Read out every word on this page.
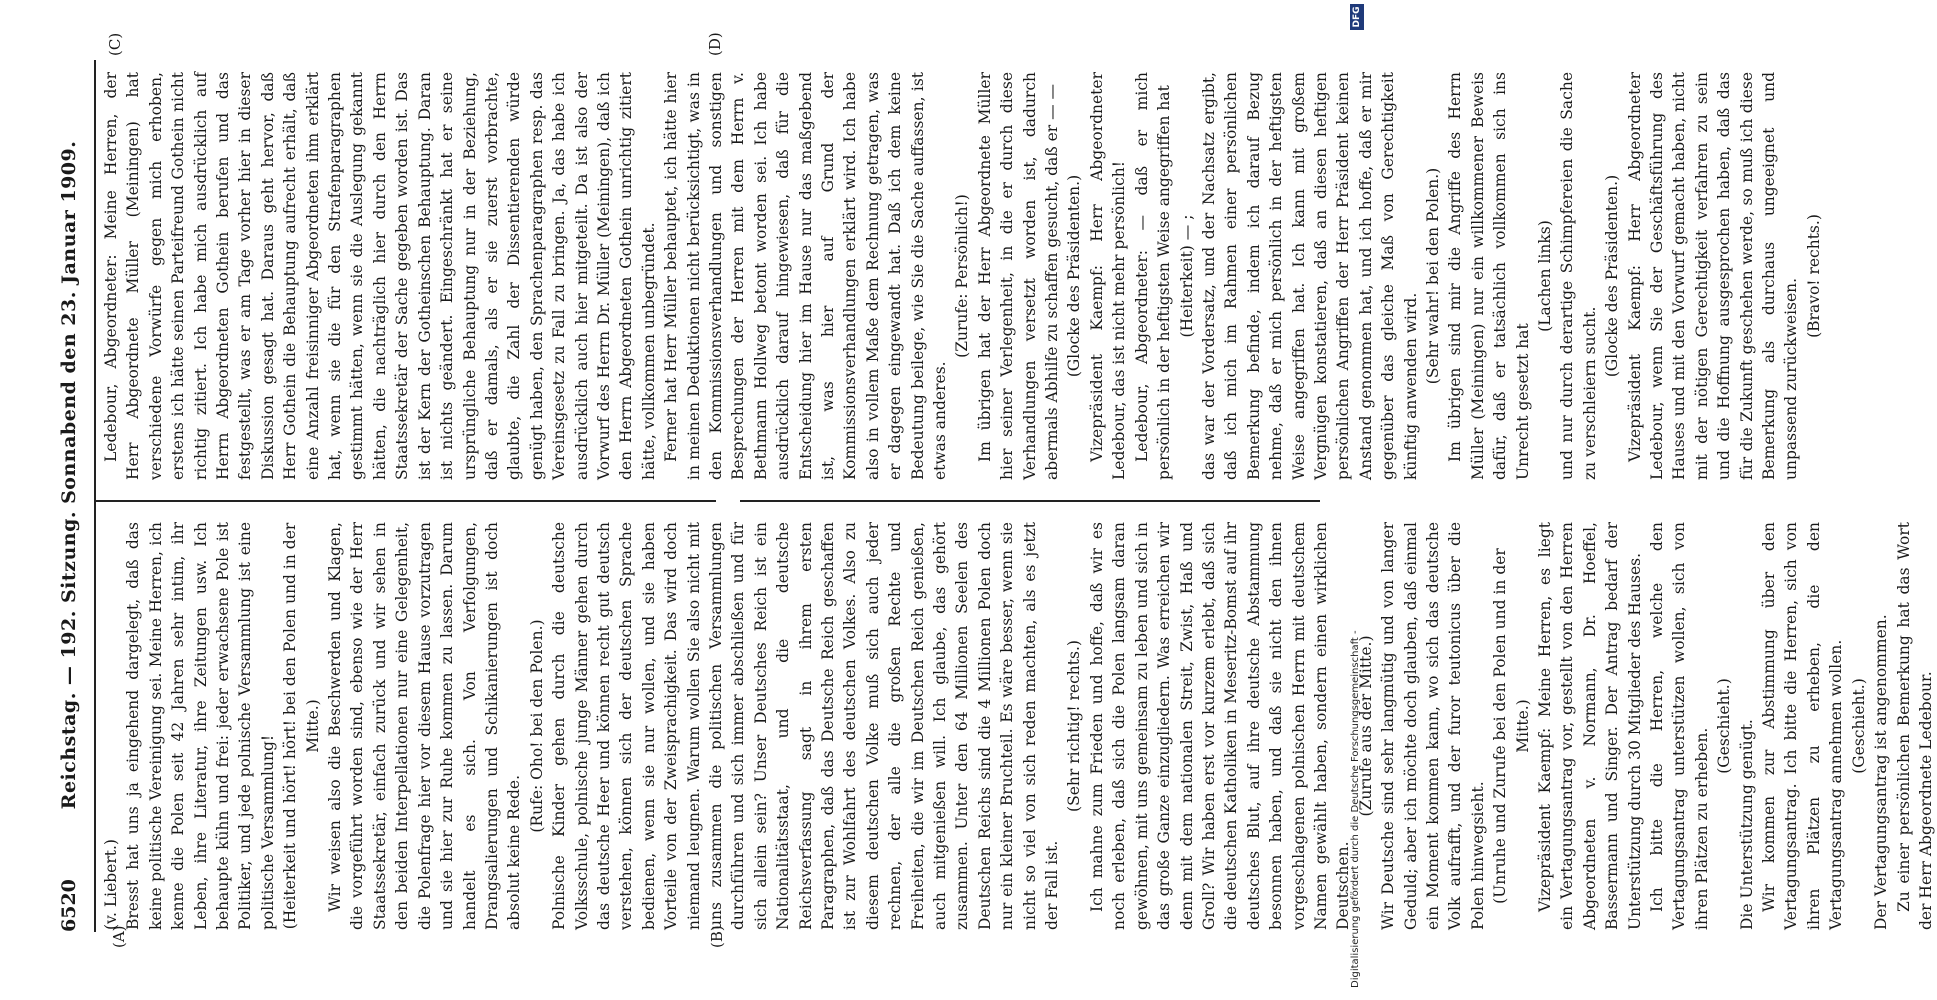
6520
Reichstag. — 192. Sitzung. Sonnabend den 23. Januar 1909.
(A)	(B)
(C)	(D)

(v. Liebert.) Bresst hat uns ja eingehend dargelegt, daß das keine politische Vereinigung sei. Meine Herren, ich kenne die Polen seit 42 Jahren sehr intim, ihr Leben, ihre Literatur, ihre Zeitungen usw. Ich behaupte kühn und frei: jeder erwachsene Pole ist Politiker, und jede polnische Versammlung ist eine politische Versammlung! (Heiterkeit und hört! hört! bei den Polen und in der Mitte.) Wir weisen also die Beschwerden und Klagen, die vorgeführt worden sind, ebenso wie der Herr Staatssekretär, einfach zurück und wir sehen in den beiden Interpellationen nur eine Gelegenheit, die Polenfrage hier vor diesem Hause vorzutragen und sie hier zur Ruhe kommen zu lassen. Darum handelt es sich. Von Verfolgungen, Drangsalierungen und Schikanierungen ist doch absolut keine Rede.

(Rufe: Oho! bei den Polen.) Polnische Kinder gehen durch die deutsche Volksschule, polnische junge Männer gehen durch das deutsche Heer und können recht gut deutsch verstehen, können sich der deutschen Sprache bedienen, wenn sie nur wollen, und sie haben Vorteile von der Zweisprachigkeit. Das wird doch niemand leugnen. Warum wollen Sie also nicht mit uns zusammen die politischen Versammlungen durchführen und sich immer abschließen und für sich allein sein? Unser Deutsches Reich ist ein Nationalitätsstaat, und die deutsche Reichsverfassung sagt in ihrem ersten Paragraphen, daß das Deutsche Reich geschaffen ist zur Wohlfahrt des deutschen Volkes. Also zu diesem deutschen Volke muß sich auch jeder rechnen, der alle die großen Rechte und Freiheiten, die wir im Deutschen Reich genießen, auch mitgenießen will. Ich glaube, das gehört zusammen. Unter den 64 Millionen Seelen des Deutschen Reichs sind die 4 Millionen Polen doch nur ein kleiner Bruchteil. Es wäre besser, wenn sie nicht so viel von sich reden machten, als es jetzt der Fall ist.

(Sehr richtig! rechts.) Ich mahne zum Frieden und hoffe, daß wir es noch erleben, daß sich die Polen langsam daran gewöhnen, mit uns gemeinsam zu leben und sich in das große Ganze einzugliedern. Was erreichen wir denn mit dem nationalen Streit, Zwist, Haß und Groll? Wir haben erst vor kurzem erlebt, daß sich die deutschen Katholiken in Meseritz-Bomst auf ihr deutsches Blut, auf ihre deutsche Abstammung besonnen haben, und daß sie nicht den ihnen vorgeschlagenen polnischen Herrn mit deutschem Namen gewählt haben, sondern einen wirklichen Deutschen.

(Zurufe aus der Mitte.) Wir Deutsche sind sehr langmütig und von langer Geduld; aber ich möchte doch glauben, daß einmal ein Moment kommen kann, wo sich das deutsche Volk aufrafft, und der furor teutonicus über die Polen hinwegsieht. (Unruhe und Zurufe bei den Polen und in der Mitte.) Vizepräsident Kaempf: Meine Herren, es liegt ein Vertagungsantrag vor, gestellt von den Herren Abgeordneten v. Normann, Dr. Hoeffel, Bassermann und Singer. Der Antrag bedarf der Unterstützung durch 30 Mitglieder des Hauses. Ich bitte die Herren, welche den Vertagungsantrag unterstützen wollen, sich von ihren Plätzen zu erheben.

(Geschieht.) Die Unterstützung genügt. Wir kommen zur Abstimmung über den Vertagungsantrag. Ich bitte die Herren, sich von ihren Plätzen zu erheben, die den Vertagungsantrag annehmen wollen. (Geschieht.) Der Vertagungsantrag ist angenommen. Zu einer persönlichen Bemerkung hat das Wort der Herr Abgeordnete Ledebour.

Ledebour, Abgeordneter: Meine Herren, der Herr Abgeordnete Müller (Meiningen) hat verschiedene Vorwürfe gegen mich erhoben, erstens ich hätte seinen Parteifreund Gothein nicht richtig zitiert. Ich habe mich ausdrücklich auf Herrn Abgeordneten Gothein berufen und das festgestellt, was er am Tage vorher hier in dieser Diskussion gesagt hat. Daraus geht hervor, daß Herr Gothein die Behauptung aufrecht erhält, daß eine Anzahl freisinniger Abgeordneten ihm erklärt hat, wenn sie die für den Strafenparagraphen gestimmt hätten, wenn sie die Auslegung gekannt hätten, die nachträglich hier durch den Herrn Staatssekretär der Sache gegeben worden ist. Das ist der Kern der Gotheinschen Behauptung. Daran ist nichts geändert. Eingeschränkt hat er seine ursprüngliche Behauptung nur in der Beziehung, daß er damals, als er sie zuerst vorbrachte, glaubte, die Zahl der Dissentierenden würde genügt haben, den Sprachenparagraphen resp. das Vereinsgesetz zu Fall zu bringen. Ja, das habe ich ausdrücklich auch hier mitgeteilt. Da ist also der Vorwurf des Herrn Dr. Müller (Meiningen), daß ich den Herrn Abgeordneten Gothein unrichtig zitiert hätte, vollkommen unbegründet. Ferner hat Herr Müller behauptet, ich hätte hier in meinen Deduktionen nicht berücksichtigt, was in den Kommissionsverhandlungen und sonstigen Besprechungen der Herren mit dem Herrn v. Bethmann Hollweg betont worden sei. Ich habe ausdrücklich darauf hingewiesen, daß für die Entscheidung hier im Hause nur das maßgebend ist, was hier auf Grund der Kommissionsverhandlungen erklärt wird. Ich habe also in vollem Maße dem Rechnung getragen, was er dagegen eingewandt hat. Daß ich dem keine Bedeutung beilege, wie Sie die Sache auffassen, ist etwas anderes.

(Zurufe: Persönlich!) Im übrigen hat der Herr Abgeordnete Müller hier seiner Verlegenheit, in die er durch diese Verhandlungen versetzt worden ist, dadurch abermals Abhilfe zu schaffen gesucht, daß er — — (Glocke des Präsidenten.) Vizepräsident Kaempf: Herr Abgeordneter Ledebour, das ist nicht mehr persönlich! Ledebour, Abgeordneter: — daß er mich persönlich in der heftigsten Weise angegriffen hat (Heiterkeit) — ; das war der Vordersatz, und der Nachsatz ergibt, daß ich mich im Rahmen einer persönlichen Bemerkung befinde, indem ich darauf Bezug nehme, daß er mich persönlich in der heftigsten Weise angegriffen hat. Ich kann mit großem Vergnügen konstatieren, daß an diesen heftigen persönlichen Angriffen der Herr Präsident keinen Anstand genommen hat, und ich hoffe, daß er mir gegenüber das gleiche Maß von Gerechtigkeit künftig anwenden wird.

(Sehr wahr! bei den Polen.) Im übrigen sind mir die Angriffe des Herrn Müller (Meiningen) nur ein willkommener Beweis dafür, daß er tatsächlich vollkommen sich ins Unrecht gesetzt hat

(Lachen links) und nur durch derartige Schimpfereien die Sache zu verschleiern sucht.

(Glocke des Präsidenten.) Vizepräsident Kaempf: Herr Abgeordneter Ledebour, wenn Sie der Geschäftsführung des Hauses und mit den Vorwurf gemacht haben, nicht mit der nötigen Gerechtigkeit verfahren zu sein und die Hoffnung ausgesprochen haben, daß das für die Zukunft geschehen werde, so muß ich diese Bemerkung als durchaus ungeeignet und unpassend zurückweisen.

(Bravo! rechts.)

Digitalisierung gefördert durch die Deutsche Forschungsgemeinschaft -
DFG
